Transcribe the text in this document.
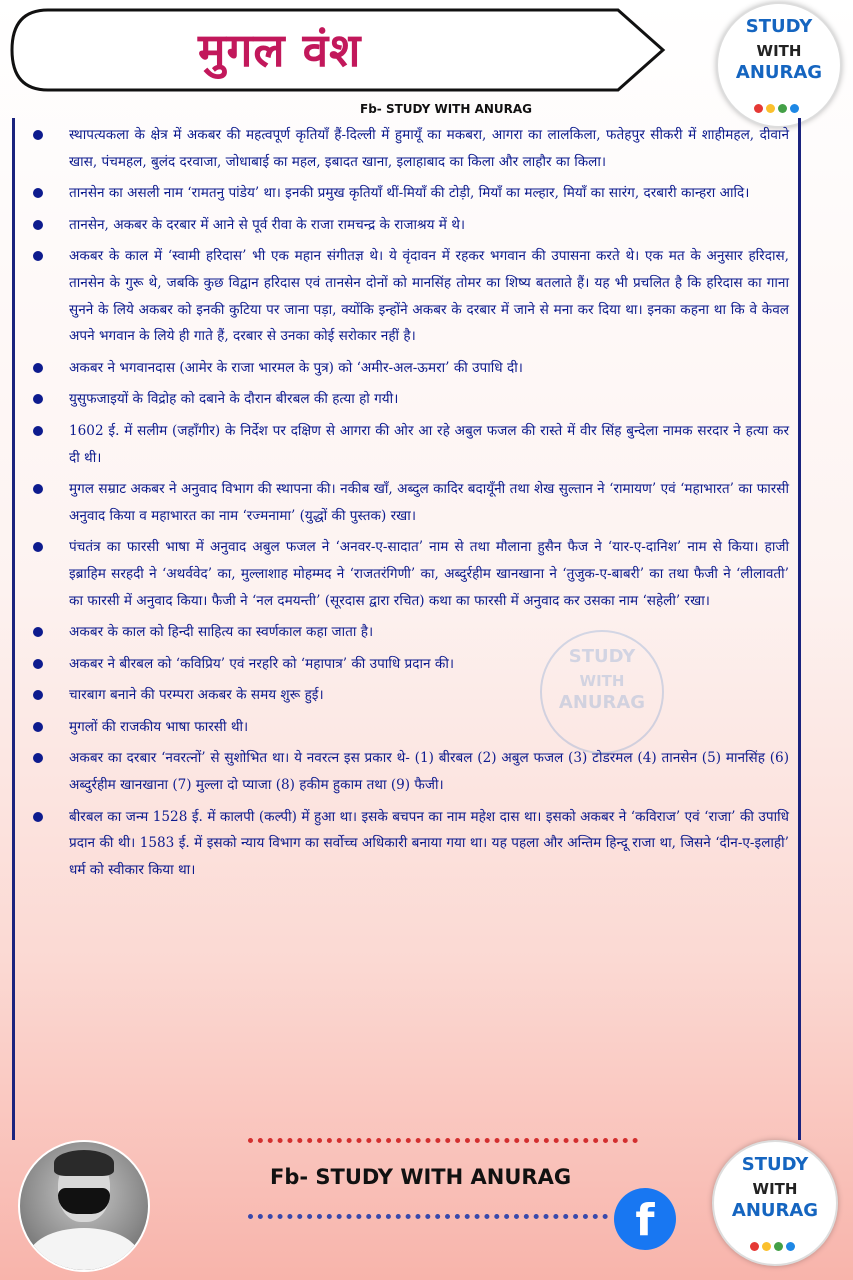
मुगल वंश	STUDY
WITH
ANURAG
Fb- STUDY WITH ANURAG
स्थापत्यकला के क्षेत्र में अकबर की महत्वपूर्ण कृतियाँ हैं-दिल्ली में हुमायूँ का मकबरा, आगरा का लालकिला, फतेहपुर सीकरी में शाहीमहल, दीवाने खास, पंचमहल, बुलंद दरवाजा, जोधाबाई का महल, इबादत खाना, इलाहाबाद का किला और लाहौर का किला।
तानसेन का असली नाम ‘रामतनु पांडेय’ था। इनकी प्रमुख कृतियाँ थीं-मियाँ की टोड़ी, मियाँ का मल्हार, मियाँ का सारंग, दरबारी कान्हरा आदि।
तानसेन, अकबर के दरबार में आने से पूर्व रीवा के राजा रामचन्द्र के राजाश्रय में थे।
अकबर के काल में ‘स्वामी हरिदास’ भी एक महान संगीतज्ञ थे। ये वृंदावन में रहकर भगवान की उपासना करते थे। एक मत के अनुसार हरिदास, तानसेन के गुरू थे, जबकि कुछ विद्वान हरिदास एवं तानसेन दोनों को मानसिंह तोमर का शिष्य बतलाते हैं। यह भी प्रचलित है कि हरिदास का गाना सुनने के लिये अकबर को इनकी कुटिया पर जाना पड़ा, क्योंकि इन्होंने अकबर के दरबार में जाने से मना कर दिया था। इनका कहना था कि वे केवल अपने भगवान के लिये ही गाते हैं, दरबार से उनका कोई सरोकार नहीं है।
अकबर ने भगवानदास (आमेर के राजा भारमल के पुत्र) को ‘अमीर-अल-ऊमरा’ की उपाधि दी।
युसुफजाइयों के विद्रोह को दबाने के दौरान बीरबल की हत्या हो गयी।
1602 ई. में सलीम (जहाँगीर) के निर्देश पर दक्षिण से आगरा की ओर आ रहे अबुल फजल की रास्ते में वीर सिंह बुन्देला नामक सरदार ने हत्या कर दी थी।
मुगल सम्राट अकबर ने अनुवाद विभाग की स्थापना की। नकीब खाँ, अब्दुल कादिर बदायूँनी तथा शेख सुल्तान ने ‘रामायण’ एवं ‘महाभारत’ का फारसी अनुवाद किया व महाभारत का नाम ‘रज्मनामा’ (युद्धों की पुस्तक) रखा।
पंचतंत्र का फारसी भाषा में अनुवाद अबुल फजल ने ‘अनवर-ए-सादात’ नाम से तथा मौलाना हुसैन फैज ने ‘यार-ए-दानिश’ नाम से किया। हाजी इब्राहिम सरहदी ने ‘अथर्ववेद’ का, मुल्लाशाह मोहम्मद ने ‘राजतरंगिणी’ का, अब्दुर्रहीम खानखाना ने ‘तुजुक-ए-बाबरी’ का तथा फैजी ने ‘लीलावती’ का फारसी में अनुवाद किया। फैजी ने ‘नल दमयन्ती’ (सूरदास द्वारा रचित) कथा का फारसी में अनुवाद कर उसका नाम ‘सहेली’ रखा।
अकबर के काल को हिन्दी साहित्य का स्वर्णकाल कहा जाता है।
अकबर ने बीरबल को ‘कविप्रिय’ एवं नरहरि को ‘महापात्र’ की उपाधि प्रदान की।
चारबाग बनाने की परम्परा अकबर के समय शुरू हुई।
मुगलों की राजकीय भाषा फारसी थी।
अकबर का दरबार ‘नवरत्नों’ से सुशोभित था। ये नवरत्न इस प्रकार थे- (1) बीरबल (2) अबुल फजल (3) टोडरमल (4) तानसेन (5) मानसिंह (6) अब्दुर्रहीम खानखाना (7) मुल्ला दो प्याजा (8) हकीम हुकाम तथा (9) फैजी।
बीरबल का जन्म 1528 ई. में कालपी (कल्पी) में हुआ था। इसके बचपन का नाम महेश दास था। इसको अकबर ने ‘कविराज’ एवं ‘राजा’ की उपाधि प्रदान की थी। 1583 ई. में इसको न्याय विभाग का सर्वोच्च अधिकारी बनाया गया था। यह पहला और अन्तिम हिन्दू राजा था, जिसने ‘दीन-ए-इलाही’ धर्म को स्वीकार किया था।
STUDY
WITH
ANURAG
Fb- STUDY WITH ANURAG
f
STUDY
WITH
ANURAG
